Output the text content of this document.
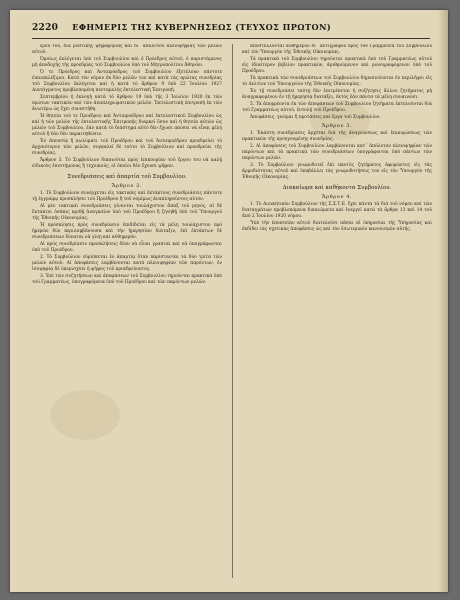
2220 ΕΦΗΜΕΡΙΣ ΤΗΣ ΚΥΒΕΡΝΗΣΕΩΣ (ΤΕΥΧΟΣ ΠΡΩΤΟΝ)

ἕρου του, διὰ μυστικῆς ψηφοφορίας καὶ δι᾽ ἀπολύτου πλειοψηφίας τῶν μελῶν αὐτοῦ.

Ὁμοίως ἐκλέγεται ὑπὸ τοῦ Συμβουλίου καὶ ὁ Πρόεδρος αὐτοῦ, ὁ παριστάμενος μὴ ἀποδοχῆς τῆς προεδρίας τοῦ Συμβουλίου ὑπὸ τοῦ Μητροπολίτου Ἀθηνῶν.

Ὁ τε Πρόεδρος καὶ Ἀντιπρόεδρος τοῦ Συμβουλίου ἐξετέλουν πάντοτε ἐπανεκλέξιμοι. Κατὰ τὸν νόμον ἐκ δύο μελῶν του καὶ κατὰ τὰς πρώτας συνεδρίας τοῦ Συμβουλίου ἐκλέγεται καὶ ἡ κατὰ τὸ ἄρθρον 9 ὑπὸ 22 Ἰουλίου 1927 Διατάγματος προβλεπομένη πενταμελὴς ἐκτελεστικὴ Ἐπιτροπή.

Σεπτεμβρίου ἡ ἐκλογὴ κατὰ τὸ ἄρθρον 19 ὑπὸ τῆς 3 Ἰουλίου 1920 ἐκ τῶν πρώτων τακτικῶν καὶ τῶν ἀναπληρωματικῶν μελῶν. Ἐκτελεστικὴ ἐπιτροπὴ ἐκ τῶν ἀνωτέρω ὡς ἔχει συνεστήθη.

Ἡ θητεία τοῦ τε Προέδρου καὶ Ἀντιπροέδρου καὶ ἐκτελεστικοῦ Συμβουλίου ὡς καὶ ἡ τῶν μελῶν τῆς ἐκτελεστικῆς Ἐπιτροπῆς διαρκεῖ ὅσον καὶ ἡ θητεία αὐτῶν ὡς μελῶν τοῦ Συμβουλίου, ἐὰν κατὰ τὸ διάστημα αὐτὸ δὲν ἔχωσι παύσει νὰ εἶναι μέλη αὐτοῦ ἢ ἐὰν δὲν παραιτηθῶσιν.

Ἐν ἀπουσίᾳ ἢ κωλύματι τοῦ Προέδρου καὶ τοῦ Ἀντιπροέδρου προεδρεύει τὸ ἀρχαιότερον τῶν μελῶν, συγκαλεῖ δὲ τοῦτο τὸ Συμβούλιον καὶ προεδρεύει τῆς συνεδρίας.

Ἄρθρον 3. Τὸ Συμβούλιον δικαιοῦται πρὸς ἐπικουρίαν τοῦ ἔργου του νὰ καλῇ εἰδικοὺς ἐπιστήμονας ἢ τεχνικούς, οἱ ὁποῖοι δὲν ἔχουσι ψῆφον.

Συνεδριάσεις καὶ ἀπαρτία τοῦ Συμβουλίου.
Ἄρθρον 2.

1. Τὸ Συμβούλιον συνέρχεται εἰς τακτικὰς καὶ ἐκτάκτους συνεδριάσεις πάντοτε τῇ ἐγγράφῳ προσκλήσει τοῦ Προέδρου ἢ τοῦ νομίμως ἀναπληροῦντος αὐτόν.

Αἱ μὲν τακτικαὶ συνεδριάσεις γίνονται τουλάχιστον ἅπαξ τοῦ μηνός, αἱ δὲ ἔκτακτοι ὁσάκις κριθῇ ἀναγκαῖον ὑπὸ τοῦ Προέδρου ἢ ζητηθῇ ὑπὸ τοῦ Ὑπουργοῦ τῆς Ἐθνικῆς Οἰκονομίας.

Ἡ πρόσκλησις πρὸς συνεδρίασιν ἐπιδίδεται εἰς τὰ μέλη τουλάχιστον πρὸ ἡμερῶν δύο περιλαμβάνουσα καὶ τὴν ἡμερησίαν διάταξιν, ἐπὶ ἐκτάκτων δὲ συνεδριάσεων δύναται νὰ γίνῃ καὶ αὐθημερόν.

Αἱ πρὸς συνεδρίασιν προσκλήσεις δέον νὰ εἶναι γραπταὶ καὶ νὰ ὑπογράφωνται ὑπὸ τοῦ Προέδρου.

2. Τὸ Συμβούλιον εὑρίσκεται ἐν ἀπαρτίᾳ ὅταν παρίστανται τὰ δύο τρίτα τῶν μελῶν αὐτοῦ. Αἱ ἀποφάσεις λαμβάνονται κατὰ πλειοψηφίαν τῶν παρόντων, ἐν ἰσοψηφίᾳ δὲ ὑπερισχύει ἡ ψῆφος τοῦ προεδρεύοντος.

3. Ἐπὶ τῶν συζητήσεων καὶ ἀποφάσεων τοῦ Συμβουλίου τηροῦνται πρακτικὰ ὑπὸ τοῦ Γραμματέως, ὑπογραφόμενα ὑπὸ τοῦ Προέδρου καὶ τῶν παρόντων μελῶν.

ἀποστέλλονται αὐθημερὸν δι᾽ ἀντιγράφου πρὸς τὸν Γραμματέα τοῦ Συμβουλίου καὶ τὸν Ὑπουργὸν τῆς Ἐθνικῆς Οἰκονομίας.

Τὰ πρακτικὰ τοῦ Συμβουλίου τηροῦνται πρακτικὰ ὑπὸ τοῦ Γραμματέως αὐτοῦ εἰς ἰδιαίτερον βιβλίον πρακτικῶν, ἀριθμούμενον καὶ μονογραφόμενον ὑπὸ τοῦ Προέδρου.

Τὰ πρακτικὰ τῶν συνεδριάσεων τοῦ Συμβουλίου δημοσιεύονται ἐν περιλήψει εἰς τὸ Δελτίον τοῦ Ὑπουργείου τῆς Ἐθνικῆς Οἰκονομίας.

Ἐν τῇ συνεδριάσει ταύτῃ δὲν ἐπιτρέπεται ἡ συζήτησις ἄλλου ζητήματος μὴ ἀναγραφομένου ἐν τῇ ἡμερησίᾳ διατάξει, ἐκτὸς ἐὰν πάντα τὰ μέλη συναινῶσι.

5. Τὰ ἀπορρέοντα ἐκ τῶν ἀποφάσεων τοῦ Συμβουλίου ζητήματα ἐκτελοῦνται διὰ τοῦ Γραμματέως αὐτοῦ, ἐντολῇ τοῦ Προέδρου.

Ἀποφάσεις, γνῶμαι ἢ προτάσεις καὶ ἔργα τοῦ Συμβουλίου.

Ἄρθρον 3.

1. Ἐκάστη συνεδρίασις ἄρχεται διὰ τῆς ἀναγνώσεως καὶ ἐπικυρώσεως τῶν πρακτικῶν τῆς προηγουμένης συνεδρίας.

2. Αἱ ἀποφάσεις τοῦ Συμβουλίου λαμβάνονται κατ᾽ ἀπόλυτον πλειοψηφίαν τῶν παρόντων καὶ τὰ πρακτικὰ τῶν συνεδριάσεων ὑπογράφονται ὑπὸ πάντων τῶν παρόντων μελῶν.

3. Τὸ Συμβούλιον γνωμοδοτεῖ ἐπὶ παντὸς ζητήματος ἀφορῶντος εἰς τὰς ἁρμοδιότητας αὐτοῦ καὶ ὑποβάλλει τὰς γνωμοδοτήσεις του εἰς τὸν Ὑπουργὸν τῆς Ἐθνικῆς Οἰκονομίας.

Διακαίωμα καὶ καθήκοντα Συμβουλίου.
Ἄρθρον 4.

1. Τὸ Διοικητικὸν Συμβούλιον τῆς Σ.Σ.Τ.Ε. ἔχει πάντα τὰ διὰ τοῦ νόμου καὶ τῶν διαταγμάτων προβλεπόμενα δικαιώματα καὶ ἐνεργεῖ κατὰ τὰ ἄρθρα 13 καὶ 14 τοῦ ἀπὸ 2 Ἰουλίου 1920 νόμου.

Ὑπὸ τὴν ἐποπτείαν αὐτοῦ διατελοῦσι πᾶσαι αἱ ὑπηρεσίαι τῆς Ὑπηρεσίας καὶ ἐκδίδει τὰς σχετικὰς ἀποφάσεις ὡς καὶ τὸν ἐσωτερικὸν κανονισμὸν αὐτῆς.
